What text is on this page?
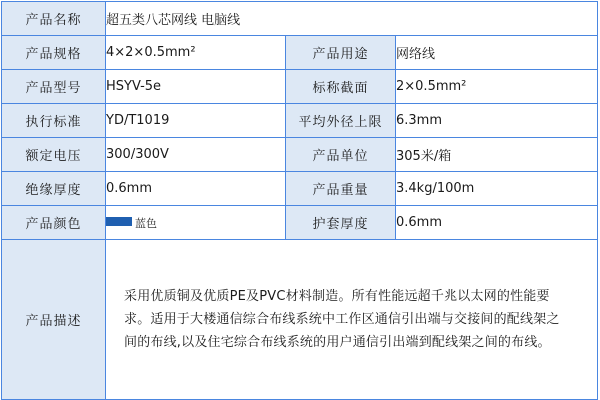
产品名称	超五类八芯网线 电脑线		
产品规格	4×2×0.5mm²	产品用途	网络线
产品型号	HSYV-5e	标称截面	2×0.5mm²
执行标准	YD/T1019	平均外径上限	6.3mm
额定电压	300/300V	产品单位	305米/箱
绝缘厚度	0.6mm	产品重量	3.4kg/100m
产品颜色	蓝色	护套厚度	0.6mm
产品描述	采用优质铜及优质PE及PVC材料制造。所有性能远超千兆以太网的性能要求。适用于大楼通信综合布线系统中工作区通信引出端与交接间的配线架之间的布线,以及住宅综合布线系统的用户通信引出端到配线架之间的布线。		
